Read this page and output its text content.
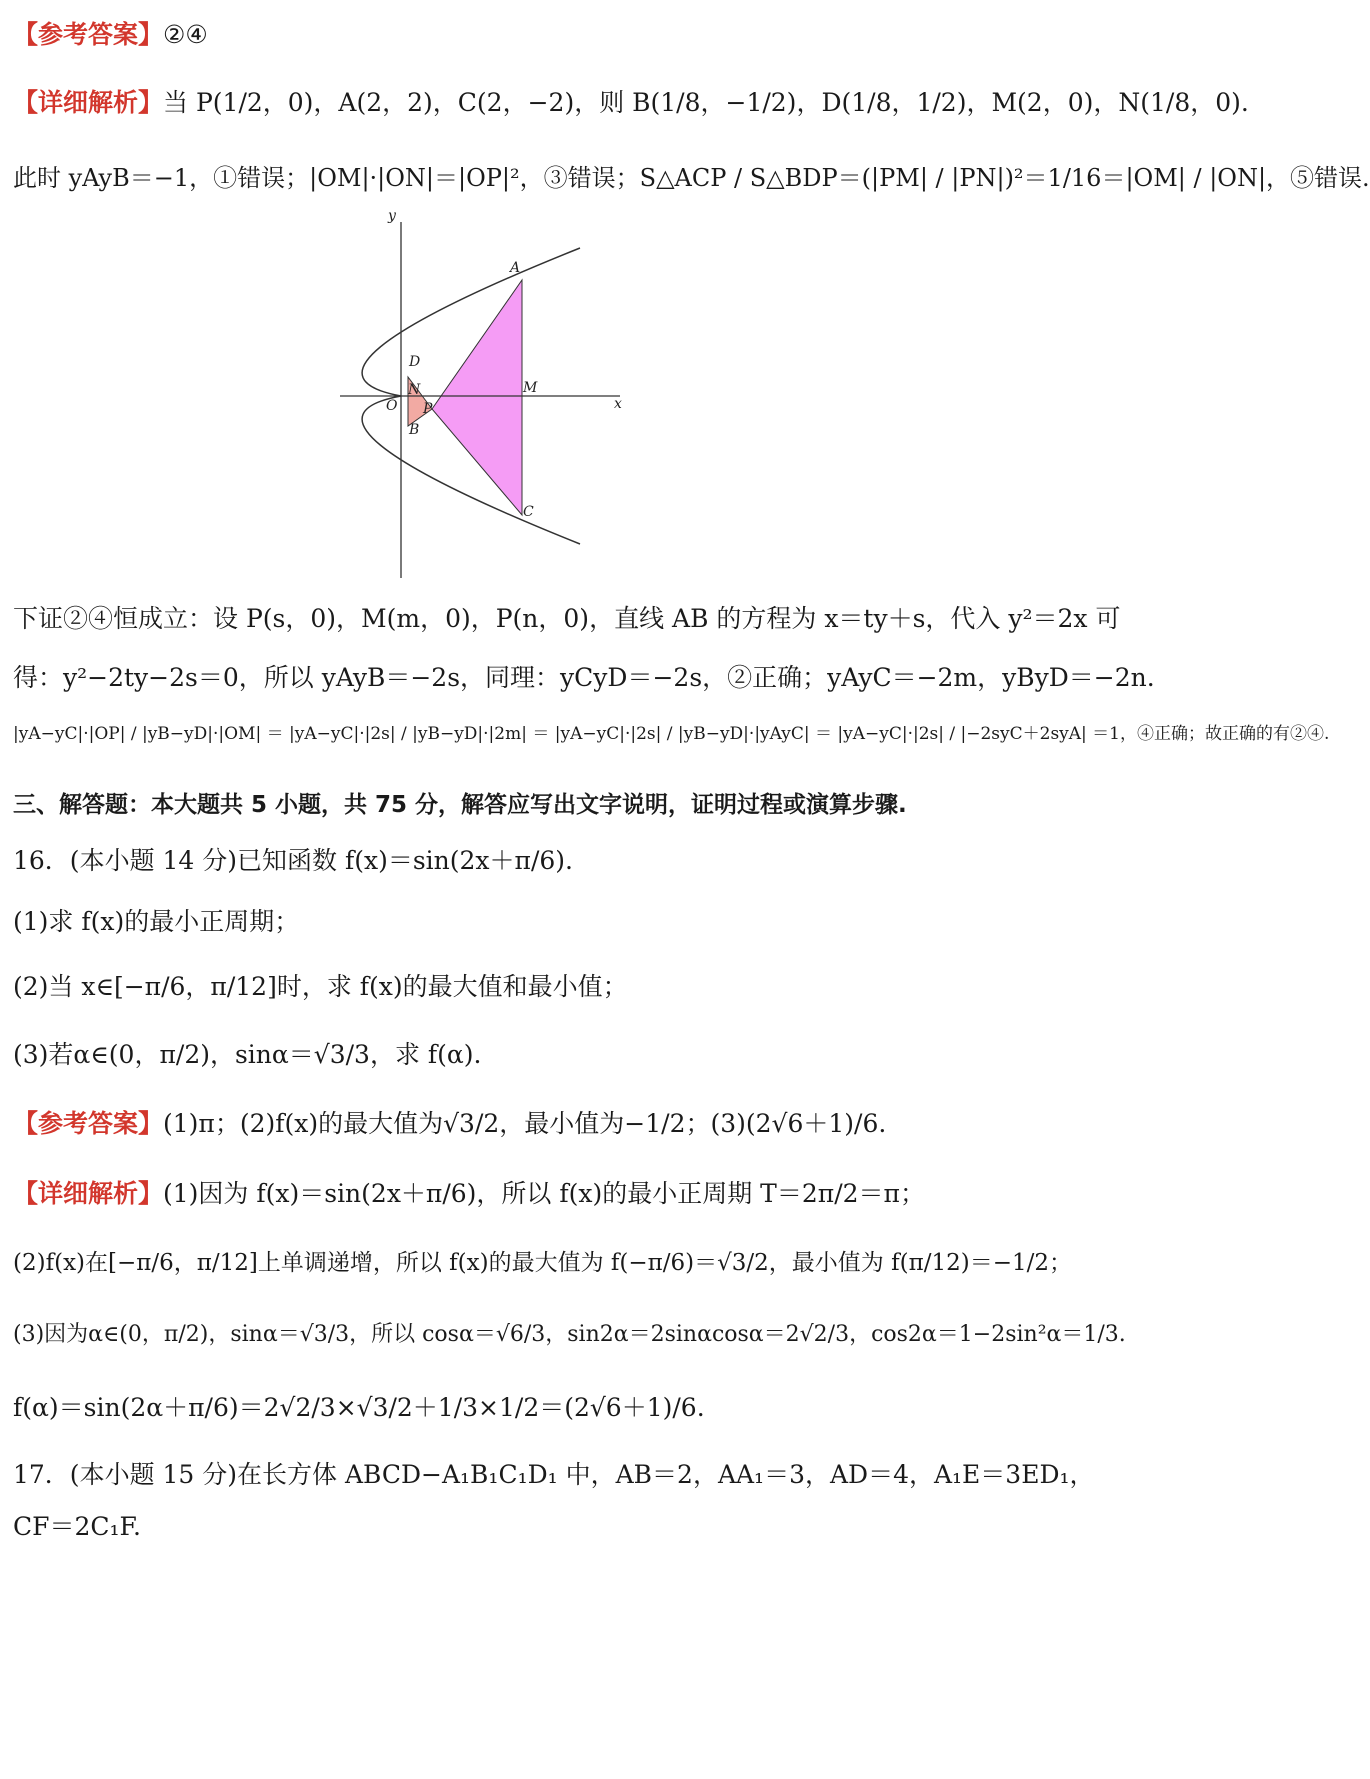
【参考答案】②④
【详细解析】当 P(1/2，0)，A(2，2)，C(2，−2)，则 B(1/8，−1/2)，D(1/8，1/2)，M(2，0)，N(1/8，0).
此时 yAyB＝−1，①错误；|OM|·|ON|＝|OP|²，③错误；S△ACP / S△BDP＝(|PM| / |PN|)²＝1/16＝|OM| / |ON|，⑤错误.
y
x
O
A
C
D
B
M
N
P
下证②④恒成立：设 P(s，0)，M(m，0)，P(n，0)，直线 AB 的方程为 x＝ty＋s，代入 y²＝2x 可
得：y²−2ty−2s＝0，所以 yAyB＝−2s，同理：yCyD＝−2s，②正确；yAyC＝−2m，yByD＝−2n.
|yA−yC|·|OP| / |yB−yD|·|OM| ＝ |yA−yC|·|2s| / |yB−yD|·|2m| ＝ |yA−yC|·|2s| / |yB−yD|·|yAyC| ＝ |yA−yC|·|2s| / |−2syC＋2syA| ＝1，④正确；故正确的有②④.
三、解答题：本大题共 5 小题，共 75 分，解答应写出文字说明，证明过程或演算步骤.
16．(本小题 14 分)已知函数 f(x)＝sin(2x＋π/6).
(1)求 f(x)的最小正周期；
(2)当 x∈[−π/6，π/12]时，求 f(x)的最大值和最小值；
(3)若α∈(0，π/2)，sinα＝√3/3，求 f(α).
【参考答案】(1)π；(2)f(x)的最大值为√3/2，最小值为−1/2；(3)(2√6＋1)/6.
【详细解析】(1)因为 f(x)＝sin(2x＋π/6)，所以 f(x)的最小正周期 T＝2π/2＝π；
(2)f(x)在[−π/6，π/12]上单调递增，所以 f(x)的最大值为 f(−π/6)＝√3/2，最小值为 f(π/12)＝−1/2；
(3)因为α∈(0，π/2)，sinα＝√3/3，所以 cosα＝√6/3，sin2α＝2sinαcosα＝2√2/3，cos2α＝1−2sin²α＝1/3.
f(α)＝sin(2α＋π/6)＝2√2/3×√3/2＋1/3×1/2＝(2√6＋1)/6.
17．(本小题 15 分)在长方体 ABCD−A₁B₁C₁D₁ 中，AB＝2，AA₁＝3，AD＝4，A₁E＝3ED₁，
CF＝2C₁F.
